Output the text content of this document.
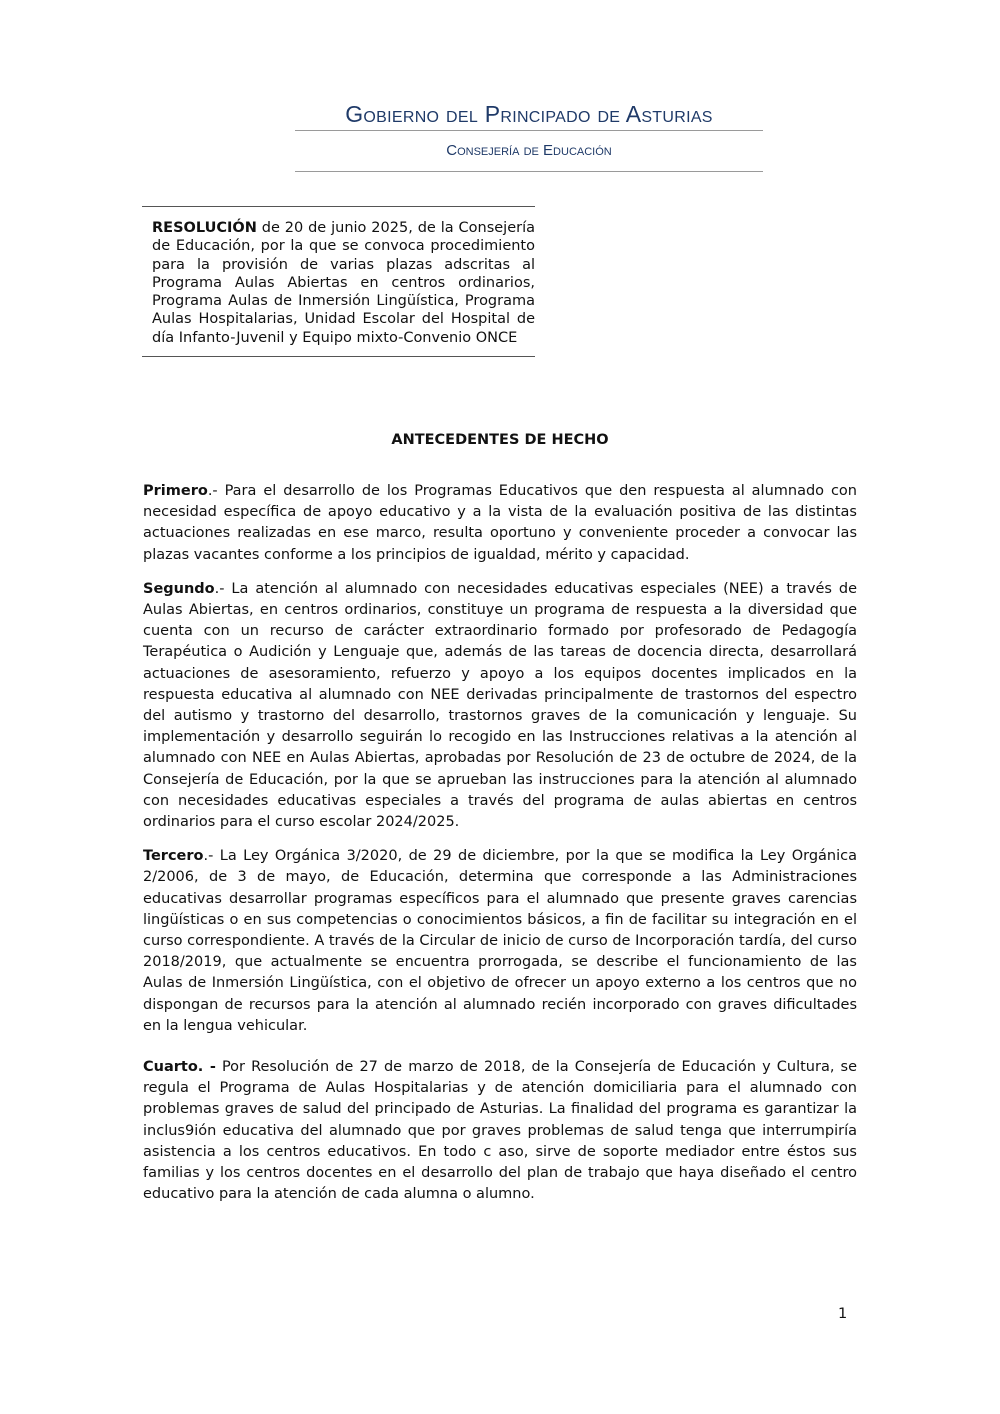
Gobierno del Principado de Asturias
Consejería de Educación

RESOLUCIÓN de 20 de junio 2025, de la Consejería de Educación, por la que se convoca procedimiento para la provisión de varias plazas adscritas al Programa Aulas Abiertas en centros ordinarios, Programa Aulas de Inmersión Lingüística, Programa Aulas Hospitalarias, Unidad Escolar del Hospital de día Infanto-Juvenil y Equipo mixto-Convenio ONCE

ANTECEDENTES DE HECHO

Primero.- Para el desarrollo de los Programas Educativos que den respuesta al alumnado con necesidad específica de apoyo educativo y a la vista de la evaluación positiva de las distintas actuaciones realizadas en ese marco, resulta oportuno y conveniente proceder a convocar las plazas vacantes conforme a los principios de igualdad, mérito y capacidad.

Segundo.- La atención al alumnado con necesidades educativas especiales (NEE) a través de Aulas Abiertas, en centros ordinarios, constituye un programa de respuesta a la diversidad que cuenta con un recurso de carácter extraordinario formado por profesorado de Pedagogía Terapéutica o Audición y Lenguaje que, además de las tareas de docencia directa, desarrollará actuaciones de asesoramiento, refuerzo y apoyo a los equipos docentes implicados en la respuesta educativa al alumnado con NEE derivadas principalmente de trastornos del espectro del autismo y trastorno del desarrollo, trastornos graves de la comunicación y lenguaje. Su implementación y desarrollo seguirán lo recogido en las Instrucciones relativas a la atención al alumnado con NEE en Aulas Abiertas, aprobadas por Resolución de 23 de octubre de 2024, de la Consejería de Educación, por la que se aprueban las instrucciones para la atención al alumnado con necesidades educativas especiales a través del programa de aulas abiertas en centros ordinarios para el curso escolar 2024/2025.

Tercero.- La Ley Orgánica 3/2020, de 29 de diciembre, por la que se modifica la Ley Orgánica 2/2006, de 3 de mayo, de Educación, determina que corresponde a las Administraciones educativas desarrollar programas específicos para el alumnado que presente graves carencias lingüísticas o en sus competencias o conocimientos básicos, a fin de facilitar su integración en el curso correspondiente. A través de la Circular de inicio de curso de Incorporación tardía, del curso 2018/2019, que actualmente se encuentra prorrogada, se describe el funcionamiento de las Aulas de Inmersión Lingüística, con el objetivo de ofrecer un apoyo externo a los centros que no dispongan de recursos para la atención al alumnado recién incorporado con graves dificultades en la lengua vehicular.

Cuarto. - Por Resolución de 27 de marzo de 2018, de la Consejería de Educación y Cultura, se regula el Programa de Aulas Hospitalarias y de atención domiciliaria para el alumnado con problemas graves de salud del principado de Asturias. La finalidad del programa es garantizar la inclus9ión educativa del alumnado que por graves problemas de salud tenga que interrumpiría asistencia a los centros educativos. En todo c aso, sirve de soporte mediador entre éstos sus familias y los centros docentes en el desarrollo del plan de trabajo que haya diseñado el centro educativo para la atención de cada alumna o alumno.

1
